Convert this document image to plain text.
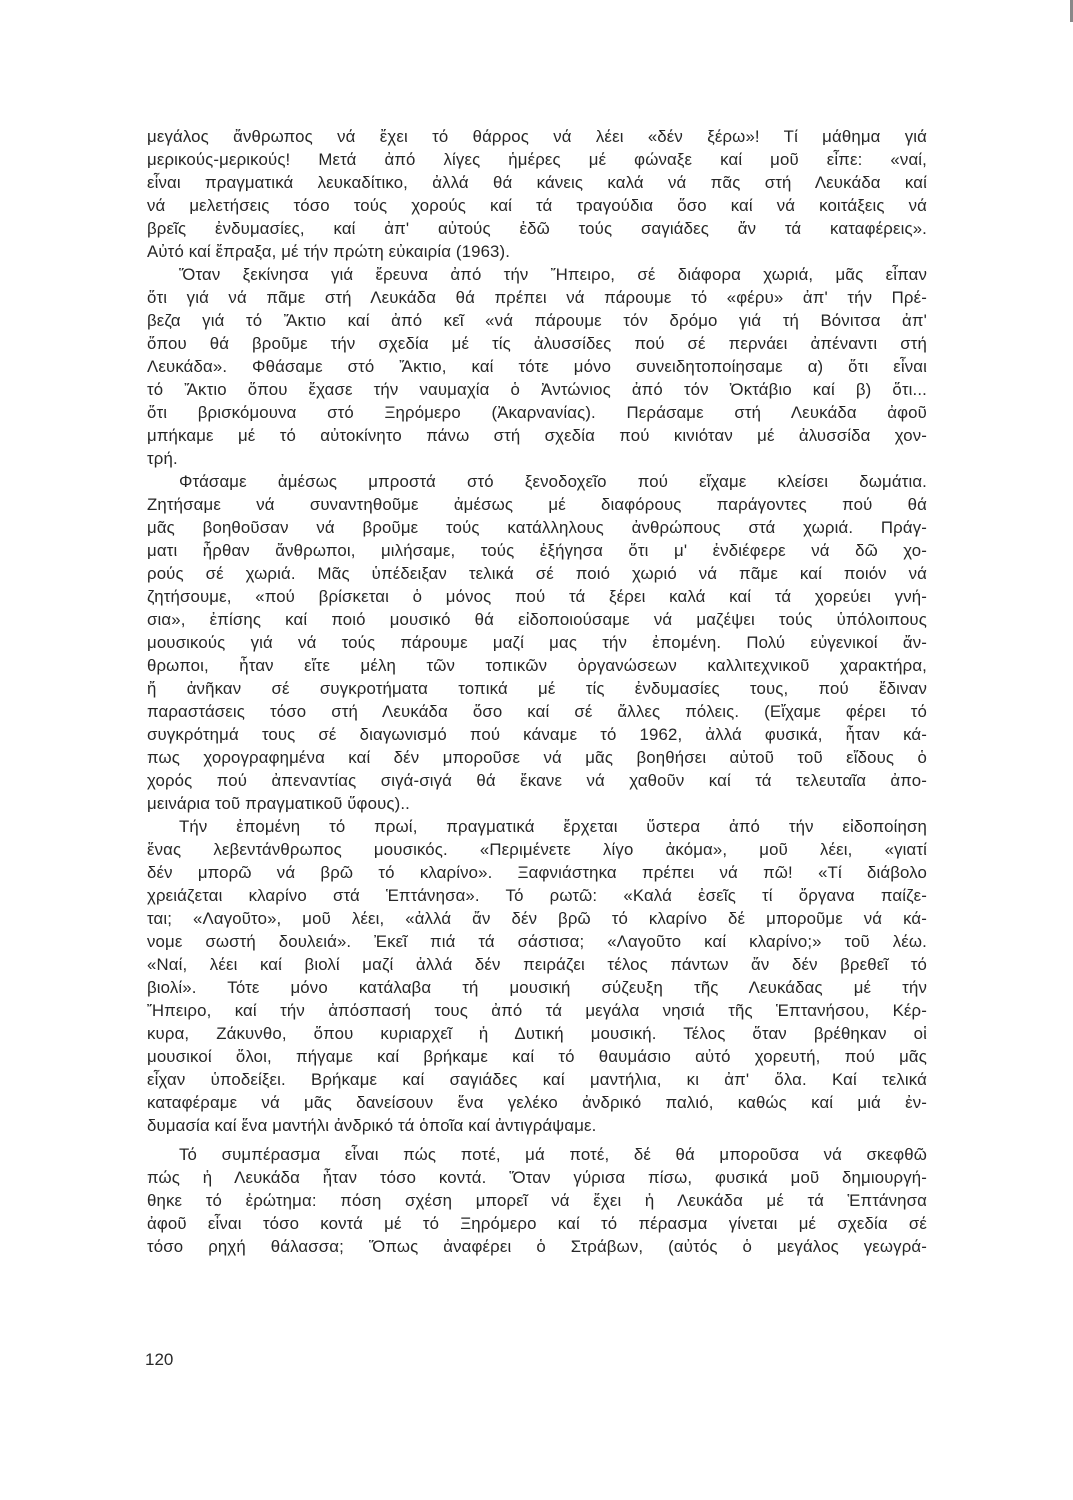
μεγάλος ἄνθρωπος νά ἔχει τό θάρρος νά λέει «δέν ξέρω»! Τί μάθημα γιά
μερικούς-μερικούς! Μετά ἀπό λίγες ἡμέρες μέ φώναξε καί μοῦ εἶπε: «ναί,
εἶναι πραγματικά λευκαδίτικο, ἀλλά θά κάνεις καλά νά πᾶς στή Λευκάδα καί
νά μελετήσεις τόσο τούς χορούς καί τά τραγούδια ὅσο καί νά κοιτάξεις νά
βρεῖς ἐνδυμασίες, καί ἀπ' αὐτούς ἐδῶ τούς σαγιάδες ἄν τά καταφέρεις».
Αὐτό καί ἔπραξα, μέ τήν πρώτη εὐκαιρία (1963).
Ὅταν ξεκίνησα γιά ἔρευνα ἀπό τήν Ἤπειρο, σέ διάφορα χωριά, μᾶς εἶπαν
ὅτι γιά νά πᾶμε στή Λευκάδα θά πρέπει νά πάρουμε τό «φέρυ» ἀπ' τήν Πρέ-
βεζα γιά τό Ἄκτιο καί ἀπό κεῖ «νά πάρουμε τόν δρόμο γιά τή Βόνιτσα ἀπ'
ὅπου θά βροῦμε τήν σχεδία μέ τίς ἀλυσσίδες πού σέ περνάει ἀπέναντι στή
Λευκάδα». Φθάσαμε στό Ἄκτιο, καί τότε μόνο συνειδητοποίησαμε α) ὅτι εἶναι
τό Ἄκτιο ὅπου ἔχασε τήν ναυμαχία ὁ Ἀντώνιος ἀπό τόν Ὀκτάβιο καί β) ὅτι...
ὅτι βρισκόμουνα στό Ξηρόμερο (Ἀκαρνανίας). Περάσαμε στή Λευκάδα ἀφοῦ
μπήκαμε μέ τό αὐτοκίνητο πάνω στή σχεδία πού κινιόταν μέ ἀλυσσίδα χον-
τρή.
Φτάσαμε ἀμέσως μπροστά στό ξενοδοχεῖο πού εἴχαμε κλείσει δωμάτια.
Ζητήσαμε νά συναντηθοῦμε ἀμέσως μέ διαφόρους παράγοντες πού θά
μᾶς βοηθοῦσαν νά βροῦμε τούς κατάλληλους ἀνθρώπους στά χωριά. Πράγ-
ματι ἦρθαν ἄνθρωποι, μιλήσαμε, τούς ἐξήγησα ὅτι μ' ἐνδιέφερε νά δῶ χο-
ρούς σέ χωριά. Μᾶς ὑπέδειξαν τελικά σέ ποιό χωριό νά πᾶμε καί ποιόν νά
ζητήσουμε, «πού βρίσκεται ὁ μόνος πού τά ξέρει καλά καί τά χορεύει γνή-
σια», ἐπίσης καί ποιό μουσικό θά εἰδοποιούσαμε νά μαζέψει τούς ὑπόλοιπους
μουσικούς γιά νά τούς πάρουμε μαζί μας τήν ἐπομένη. Πολύ εὐγενικοί ἄν-
θρωποι, ἦταν εἴτε μέλη τῶν τοπικῶν ὀργανώσεων καλλιτεχνικοῦ χαρακτήρα,
ἤ ἀνῆκαν σέ συγκροτήματα τοπικά μέ τίς ἐνδυμασίες τους, πού ἔδιναν
παραστάσεις τόσο στή Λευκάδα ὅσο καί σέ ἄλλες πόλεις. (Εἴχαμε φέρει τό
συγκρότημά τους σέ διαγωνισμό πού κάναμε τό 1962, ἀλλά φυσικά, ἦταν κά-
πως χορογραφημένα καί δέν μποροῦσε νά μᾶς βοηθήσει αὐτοῦ τοῦ εἴδους ὁ
χορός πού ἀπεναντίας σιγά-σιγά θά ἔκανε νά χαθοῦν καί τά τελευταῖα ἀπο-
μεινάρια τοῦ πραγματικοῦ ὕφους)..
Τήν ἐπομένη τό πρωί, πραγματικά ἔρχεται ὕστερα ἀπό τήν εἰδοποίηση
ἕνας λεβεντάνθρωπος μουσικός. «Περιμένετε λίγο ἀκόμα», μοῦ λέει, «γιατί
δέν μπορῶ νά βρῶ τό κλαρίνο». Ξαφνιάστηκα πρέπει νά πῶ! «Τί διάβολο
χρειάζεται κλαρίνο στά Ἑπτάνησα». Τό ρωτῶ: «Καλά ἐσεῖς τί ὄργανα παίζε-
ται; «Λαγοῦτο», μοῦ λέει, «ἀλλά ἄν δέν βρῶ τό κλαρίνο δέ μποροῦμε νά κά-
νομε σωστή δουλειά». Ἐκεῖ πιά τά σάστισα; «Λαγοῦτο καί κλαρίνο;» τοῦ λέω.
«Ναί, λέει καί βιολί μαζί ἀλλά δέν πειράζει τέλος πάντων ἄν δέν βρεθεῖ τό
βιολί». Τότε μόνο κατάλαβα τή μουσική σύζευξη τῆς Λευκάδας μέ τήν
Ἤπειρο, καί τήν ἀπόσπασή τους ἀπό τά μεγάλα νησιά τῆς Ἑπτανήσου, Κέρ-
κυρα, Ζάκυνθο, ὅπου κυριαρχεῖ ἡ Δυτική μουσική. Τέλος ὅταν βρέθηκαν οἱ
μουσικοί ὅλοι, πήγαμε καί βρήκαμε καί τό θαυμάσιο αὐτό χορευτή, πού μᾶς
εἶχαν ὑποδείξει. Βρήκαμε καί σαγιάδες καί μαντήλια, κι ἀπ' ὅλα. Καί τελικά
καταφέραμε νά μᾶς δανείσουν ἕνα γελέκο ἀνδρικό παλιό, καθώς καί μιά ἐν-
δυμασία καί ἕνα μαντήλι ἀνδρικό τά ὁποῖα καί ἀντιγράψαμε.
Τό συμπέρασμα εἶναι πώς ποτέ, μά ποτέ, δέ θά μποροῦσα νά σκεφθῶ
πώς ἡ Λευκάδα ἦταν τόσο κοντά. Ὅταν γύρισα πίσω, φυσικά μοῦ δημιουργή-
θηκε τό ἐρώτημα: πόση σχέση μπορεῖ νά ἔχει ἡ Λευκάδα μέ τά Ἑπτάνησα
ἀφοῦ εἶναι τόσο κοντά μέ τό Ξηρόμερο καί τό πέρασμα γίνεται μέ σχεδία σέ
τόσο ρηχή θάλασσα; Ὅπως ἀναφέρει ὁ Στράβων, (αὐτός ὁ μεγάλος γεωγρά-
120
